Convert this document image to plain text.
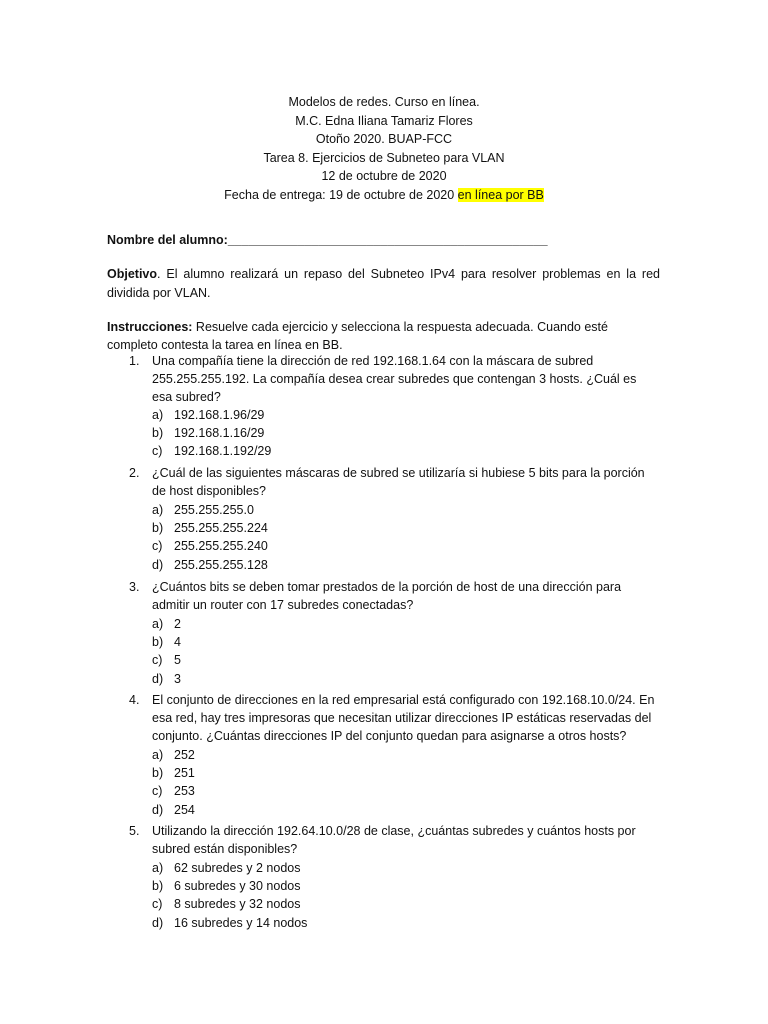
Modelos de redes. Curso en línea.
M.C. Edna Iliana Tamariz Flores
Otoño 2020. BUAP-FCC
Tarea 8. Ejercicios de Subneteo para VLAN
12 de octubre de 2020
Fecha de entrega: 19 de octubre de 2020 en línea por BB
Nombre del alumno:______________________________________________
Objetivo. El alumno realizará un repaso del Subneteo IPv4 para resolver problemas en la red dividida por VLAN.
Instrucciones: Resuelve cada ejercicio y selecciona la respuesta adecuada. Cuando esté completo contesta la tarea en línea en BB.
1. Una compañía tiene la dirección de red 192.168.1.64 con la máscara de subred 255.255.255.192. La compañía desea crear subredes que contengan 3 hosts. ¿Cuál es esa subred?
a) 192.168.1.96/29
b) 192.168.1.16/29
c) 192.168.1.192/29
2. ¿Cuál de las siguientes máscaras de subred se utilizaría si hubiese 5 bits para la porción de host disponibles?
a) 255.255.255.0
b) 255.255.255.224
c) 255.255.255.240
d) 255.255.255.128
3. ¿Cuántos bits se deben tomar prestados de la porción de host de una dirección para admitir un router con 17 subredes conectadas?
a) 2
b) 4
c) 5
d) 3
4. El conjunto de direcciones en la red empresarial está configurado con 192.168.10.0/24. En esa red, hay tres impresoras que necesitan utilizar direcciones IP estáticas reservadas del conjunto. ¿Cuántas direcciones IP del conjunto quedan para asignarse a otros hosts?
a) 252
b) 251
c) 253
d) 254
5. Utilizando la dirección 192.64.10.0/28 de clase, ¿cuántas subredes y cuántos hosts por subred están disponibles?
a) 62 subredes y 2 nodos
b) 6 subredes y 30 nodos
c) 8 subredes y 32 nodos
d) 16 subredes y 14 nodos
